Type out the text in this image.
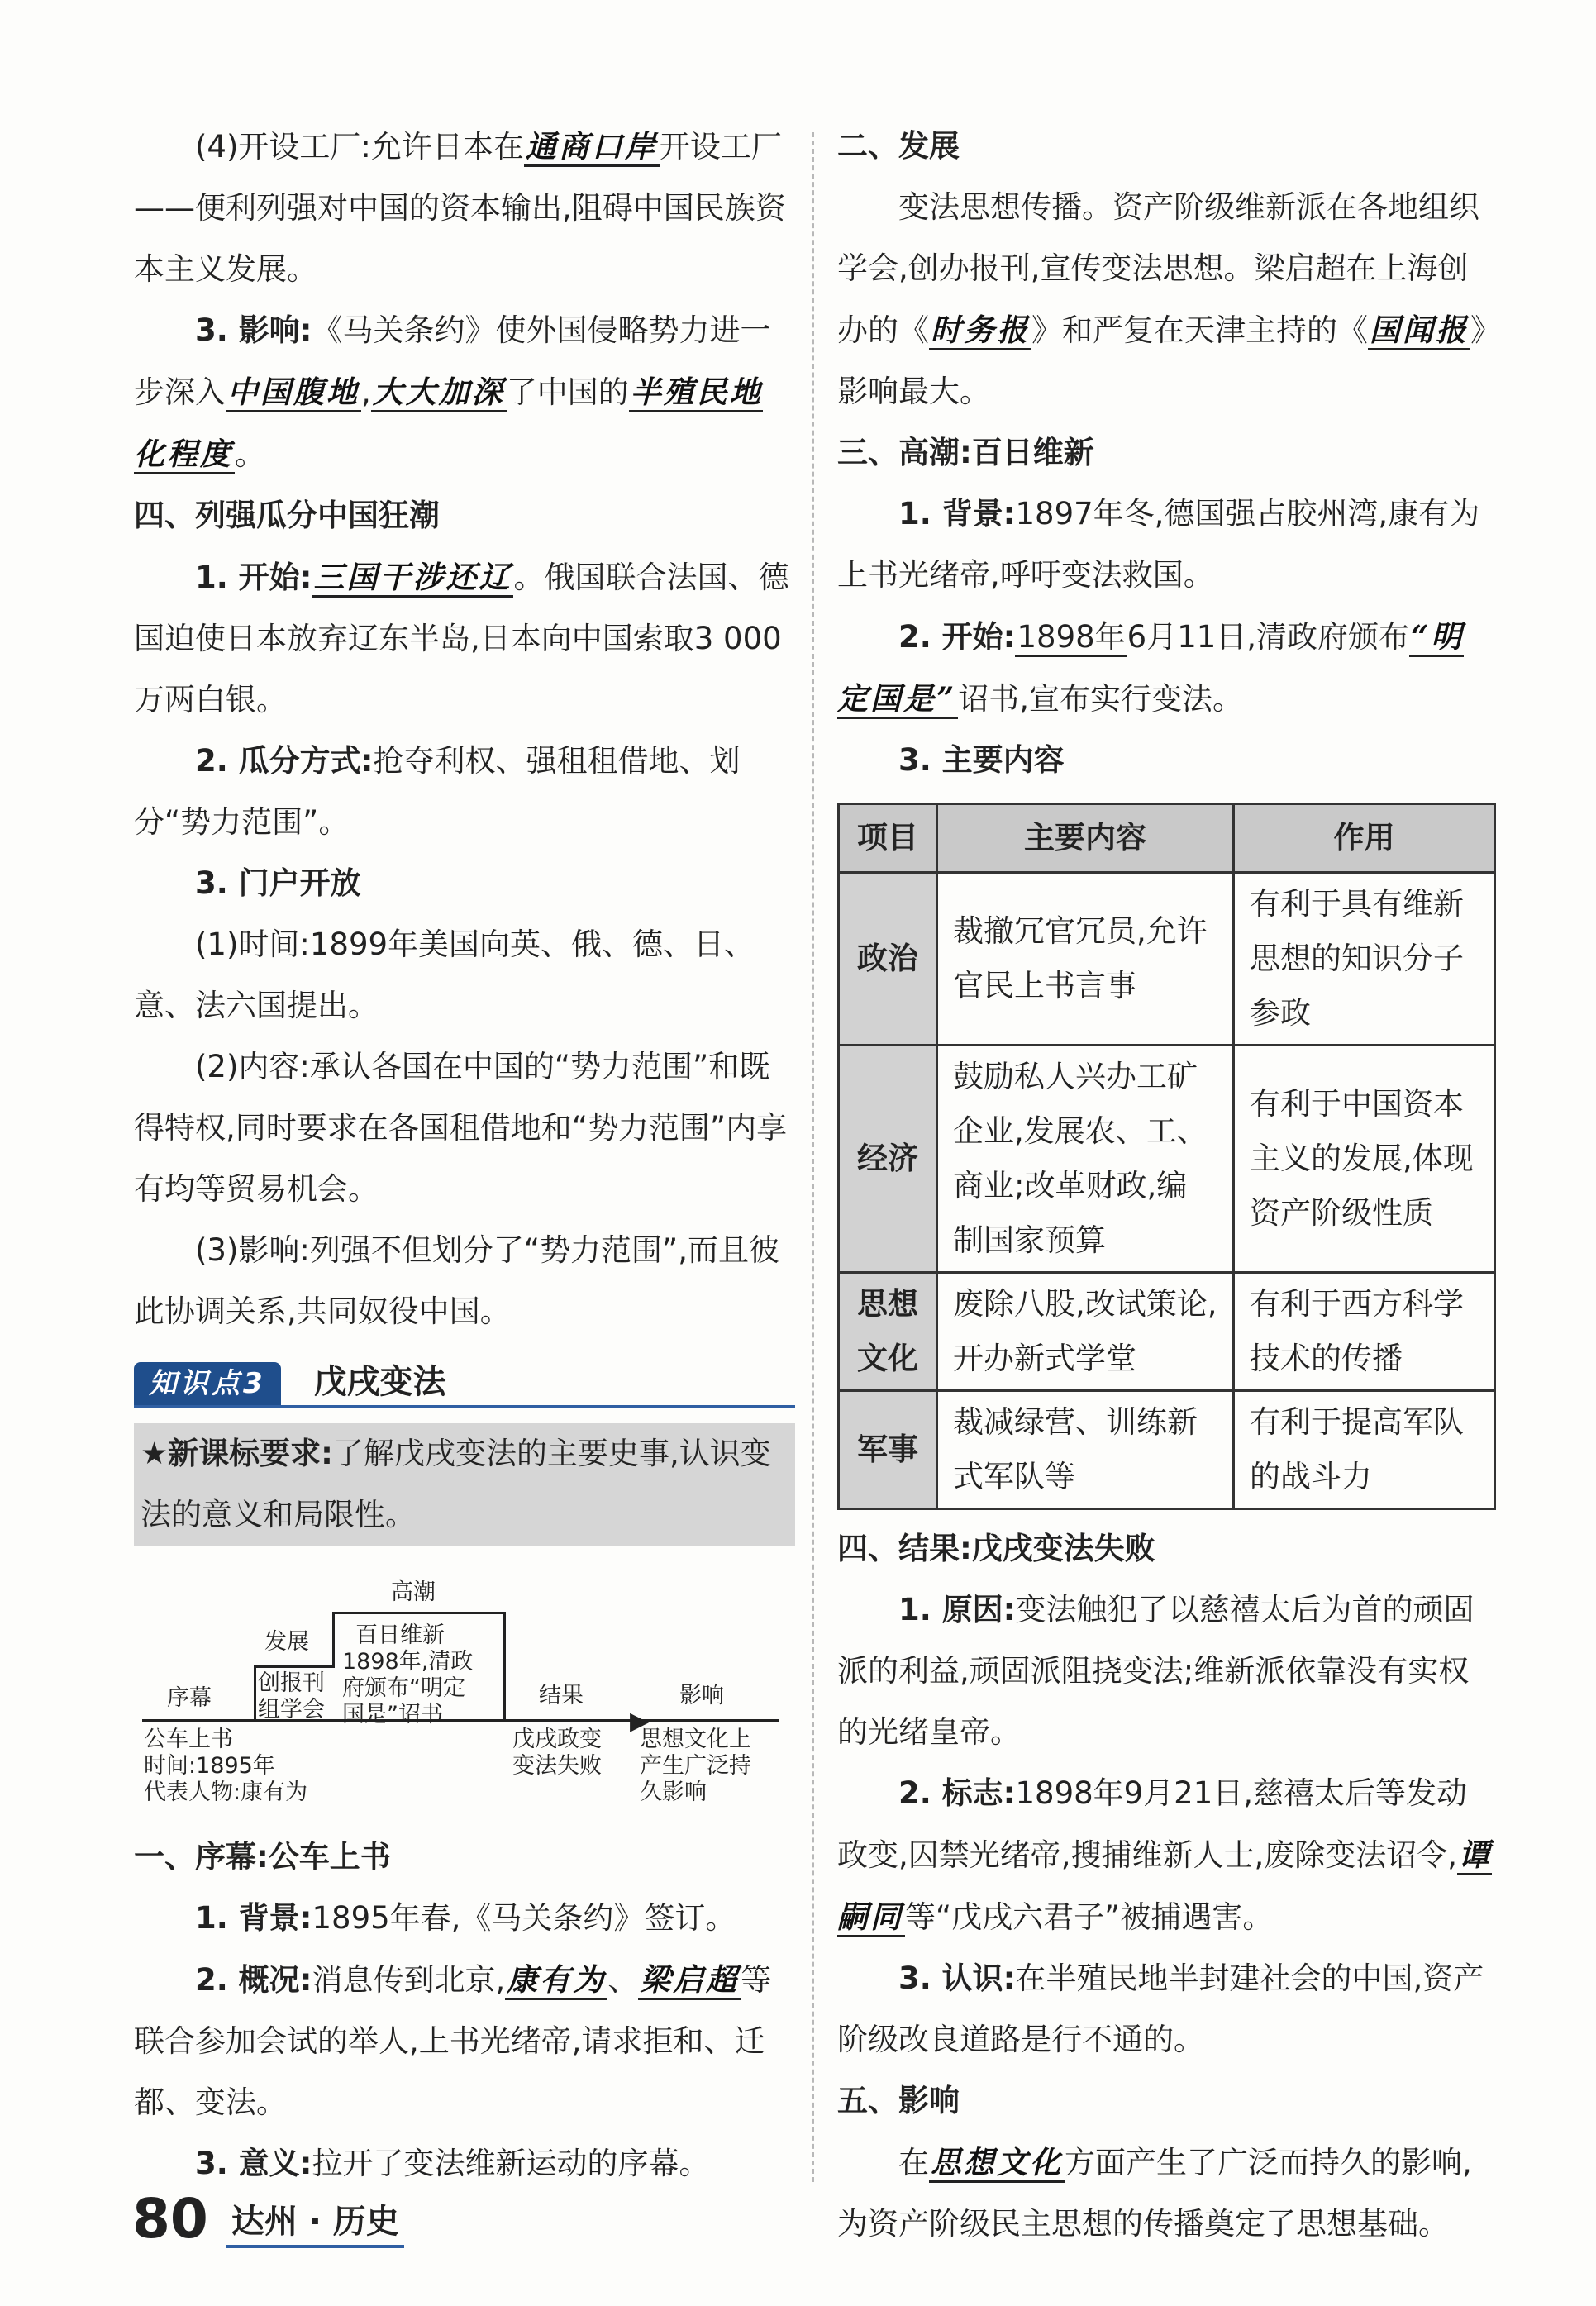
(4)开设工厂:允许日本在通商口岸开设工厂——便利列强对中国的资本输出,阻碍中国民族资本主义发展。

3. 影响:《马关条约》使外国侵略势力进一步深入中国腹地,大大加深了中国的半殖民地化程度。

四、列强瓜分中国狂潮

1. 开始:三国干涉还辽。俄国联合法国、德国迫使日本放弃辽东半岛,日本向中国索取3 000万两白银。

2. 瓜分方式:抢夺利权、强租租借地、划分“势力范围”。

3. 门户开放

(1)时间:1899年美国向英、俄、德、日、意、法六国提出。

(2)内容:承认各国在中国的“势力范围”和既得特权,同时要求在各国租借地和“势力范围”内享有均等贸易机会。

(3)影响:列强不但划分了“势力范围”,而且彼此协调关系,共同奴役中国。

知识点3	戊戌变法
★新课标要求:了解戊戌变法的主要史事,认识变法的意义和局限性。
▶
高潮
发展
序幕	结果	影响
百日维新
1898年,清政
府颁布“明定
国是”诏书
创报刊
组学会
公车上书
时间:1895年
代表人物:康有为
戊戌政变
变法失败
思想文化上
产生广泛持
久影响

一、序幕:公车上书

1. 背景:1895年春,《马关条约》签订。

2. 概况:消息传到北京,康有为、梁启超等联合参加会试的举人,上书光绪帝,请求拒和、迁都、变法。

3. 意义:拉开了变法维新运动的序幕。

二、发展

变法思想传播。资产阶级维新派在各地组织学会,创办报刊,宣传变法思想。梁启超在上海创办的《时务报》和严复在天津主持的《国闻报》影响最大。

三、高潮:百日维新

1. 背景:1897年冬,德国强占胶州湾,康有为上书光绪帝,呼吁变法救国。

2. 开始:1898年6月11日,清政府颁布“明定国是”诏书,宣布实行变法。

3. 主要内容

项目	主要内容	作用
政治	裁撤冗官冗员,允许官民上书言事	有利于具有维新思想的知识分子参政
经济	鼓励私人兴办工矿企业,发展农、工、商业;改革财政,编制国家预算	有利于中国资本主义的发展,体现资产阶级性质
思想文化	废除八股,改试策论,开办新式学堂	有利于西方科学技术的传播
军事	裁减绿营、训练新式军队等	有利于提高军队的战斗力

四、结果:戊戌变法失败

1. 原因:变法触犯了以慈禧太后为首的顽固派的利益,顽固派阻挠变法;维新派依靠没有实权的光绪皇帝。

2. 标志:1898年9月21日,慈禧太后等发动政变,囚禁光绪帝,搜捕维新人士,废除变法诏令,谭嗣同等“戊戌六君子”被捕遇害。

3. 认识:在半殖民地半封建社会的中国,资产阶级改良道路是行不通的。

五、影响

在思想文化方面产生了广泛而持久的影响,为资产阶级民主思想的传播奠定了思想基础。

80 达州 · 历史
